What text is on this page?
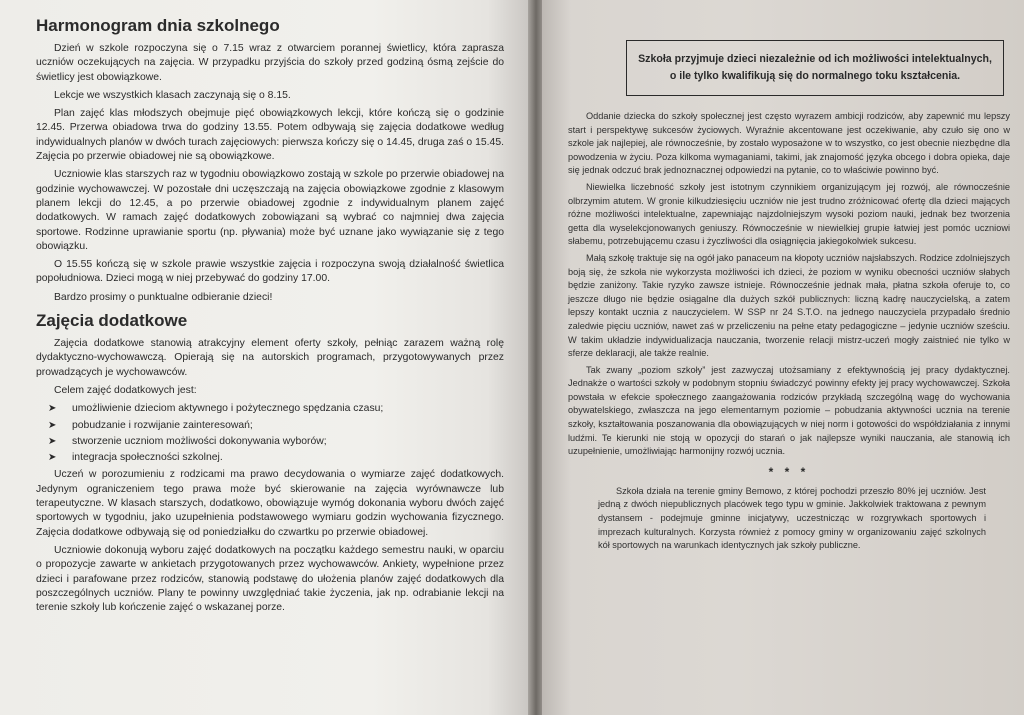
Harmonogram dnia szkolnego

Dzień w szkole rozpoczyna się o 7.15 wraz z otwarciem porannej świetlicy, która zaprasza uczniów oczekujących na zajęcia. W przypadku przyjścia do szkoły przed godziną ósmą zejście do świetlicy jest obowiązkowe.

Lekcje we wszystkich klasach zaczynają się o 8.15.

Plan zajęć klas młodszych obejmuje pięć obowiązkowych lekcji, które kończą się o godzinie 12.45. Przerwa obiadowa trwa do godziny 13.55. Potem odbywają się zajęcia dodatkowe według indywidualnych planów w dwóch turach zajęciowych: pierwsza kończy się o 14.45, druga zaś o 15.45. Zajęcia po przerwie obiadowej nie są obowiązkowe.

Uczniowie klas starszych raz w tygodniu obowiązkowo zostają w szkole po przerwie obiadowej na godzinie wychowawczej. W pozostałe dni uczęszczają na zajęcia obowiązkowe zgodnie z klasowym planem lekcji do 12.45, a po przerwie obiadowej zgodnie z indywidualnym planem zajęć dodatkowych. W ramach zajęć dodatkowych zobowiązani są wybrać co najmniej dwa zajęcia sportowe. Rodzinne uprawianie sportu (np. pływania) może być uznane jako wywiązanie się z tego obowiązku.

O 15.55 kończą się w szkole prawie wszystkie zajęcia i rozpoczyna swoją działalność świetlica popołudniowa. Dzieci mogą w niej przebywać do godziny 17.00.

Bardzo prosimy o punktualne odbieranie dzieci!

Zajęcia dodatkowe

Zajęcia dodatkowe stanowią atrakcyjny element oferty szkoły, pełniąc zarazem ważną rolę dydaktyczno-wychowawczą. Opierają się na autorskich programach, przygotowywanych przez prowadzących je wychowawców.

Celem zajęć dodatkowych jest:

➤ umożliwienie dzieciom aktywnego i pożytecznego spędzania czasu;
➤ pobudzanie i rozwijanie zainteresowań;
➤ stworzenie uczniom możliwości dokonywania wyborów;
➤ integracja społeczności szkolnej.

Uczeń w porozumieniu z rodzicami ma prawo decydowania o wymiarze zajęć dodatkowych. Jedynym ograniczeniem tego prawa może być skierowanie na zajęcia wyrównawcze lub terapeutyczne. W klasach starszych, dodatkowo, obowiązuje wymóg dokonania wyboru dwóch zajęć sportowych w tygodniu, jako uzupełnienia podstawowego wymiaru godzin wychowania fizycznego. Zajęcia dodatkowe odbywają się od poniedziałku do czwartku po przerwie obiadowej.

Uczniowie dokonują wyboru zajęć dodatkowych na początku każdego semestru nauki, w oparciu o propozycje zawarte w ankietach przygotowanych przez wychowawców. Ankiety, wypełnione przez dzieci i parafowane przez rodziców, stanowią podstawę do ułożenia planów zajęć dodatkowych dla poszczególnych uczniów. Plany te powinny uwzględniać takie życzenia, jak np. odrabianie lekcji na terenie szkoły lub kończenie zajęć o wskazanej porze.

Szkoła przyjmuje dzieci niezależnie od ich możliwości intelektualnych,
o ile tylko kwalifikują się do normalnego toku kształcenia.

Oddanie dziecka do szkoły społecznej jest często wyrazem ambicji rodziców, aby zapewnić mu lepszy start i perspektywę sukcesów życiowych. Wyraźnie akcentowane jest oczekiwanie, aby czuło się ono w szkole jak najlepiej, ale równocześnie, by zostało wyposażone w to wszystko, co jest obecnie niezbędne dla powodzenia w życiu. Poza kilkoma wymaganiami, takimi, jak znajomość języka obcego i dobra opieka, daje się jednak odczuć brak jednoznacznej odpowiedzi na pytanie, co to właściwie powinno być.

Niewielka liczebność szkoły jest istotnym czynnikiem organizującym jej rozwój, ale równocześnie olbrzymim atutem. W gronie kilkudziesięciu uczniów nie jest trudno zróżnicować ofertę dla dzieci mających różne możliwości intelektualne, zapewniając najzdolniejszym wysoki poziom nauki, jednak bez tworzenia getta dla wyselekcjonowanych geniuszy. Równocześnie w niewielkiej grupie łatwiej jest pomóc uczniowi słabemu, potrzebującemu czasu i życzliwości dla osiągnięcia jakiegokolwiek sukcesu.

Małą szkołę traktuje się na ogół jako panaceum na kłopoty uczniów najsłabszych. Rodzice zdolniejszych boją się, że szkoła nie wykorzysta możliwości ich dzieci, że poziom w wyniku obecności uczniów słabych będzie zaniżony. Takie ryzyko zawsze istnieje. Równocześnie jednak mała, płatna szkoła oferuje to, co jeszcze długo nie będzie osiągalne dla dużych szkół publicznych: liczną kadrę nauczycielską, a zatem lepszy kontakt ucznia z nauczycielem. W SSP nr 24 S.T.O. na jednego nauczyciela przypadało średnio zaledwie pięciu uczniów, nawet zaś w przeliczeniu na pełne etaty pedagogiczne – jedynie uczniów sześciu. W takim układzie indywidualizacja nauczania, tworzenie relacji mistrz-uczeń mogły zaistnieć nie tylko w sferze deklaracji, ale także realnie.

Tak zwany „poziom szkoły” jest zazwyczaj utożsamiany z efektywnością jej pracy dydaktycznej. Jednakże o wartości szkoły w podobnym stopniu świadczyć powinny efekty jej pracy wychowawczej. Szkoła powstała w efekcie społecznego zaangażowania rodziców przykładą szczególną wagę do wychowania obywatelskiego, zwłaszcza na jego elementarnym poziomie – pobudzania aktywności ucznia na terenie szkoły, kształtowania poszanowania dla obowiązujących w niej norm i gotowości do współdziałania z innymi ludźmi. Te kierunki nie stoją w opozycji do starań o jak najlepsze wyniki nauczania, ale stanowią ich uzupełnienie, umożliwiając harmonijny rozwój ucznia.

* * *

Szkoła działa na terenie gminy Bemowo, z której pochodzi przeszło 80% jej uczniów. Jest jedną z dwóch niepublicznych placówek tego typu w gminie. Jakkolwiek traktowana z pewnym dystansem - podejmuje gminne inicjatywy, uczestnicząc w rozgrywkach sportowych i imprezach kulturalnych. Korzysta również z pomocy gminy w organizowaniu zajęć szkolnych kół sportowych na warunkach identycznych jak szkoły publiczne.
